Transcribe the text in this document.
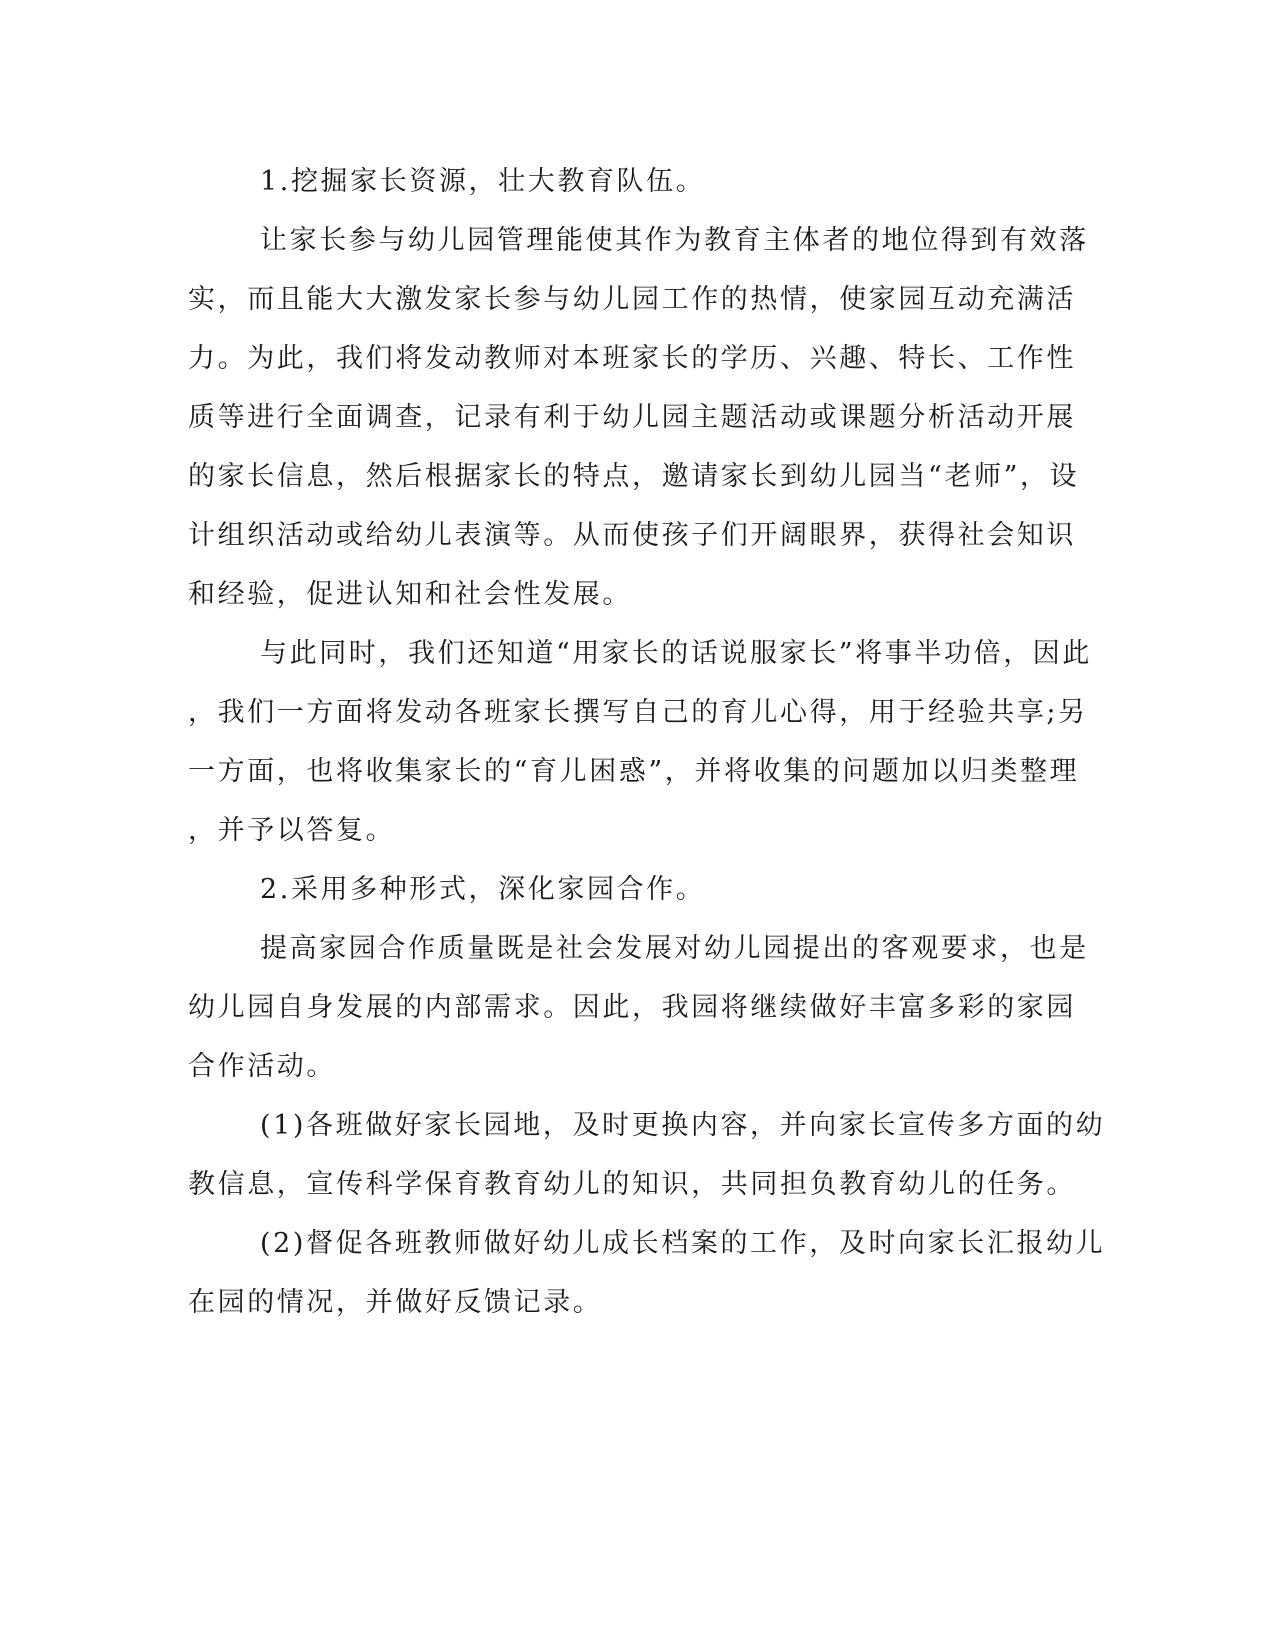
1.挖掘家长资源，壮大教育队伍。
让家长参与幼儿园管理能使其作为教育主体者的地位得到有效落
实，而且能大大激发家长参与幼儿园工作的热情，使家园互动充满活
力。为此，我们将发动教师对本班家长的学历、兴趣、特长、工作性
质等进行全面调查，记录有利于幼儿园主题活动或课题分析活动开展
的家长信息，然后根据家长的特点，邀请家长到幼儿园当“老师”，设
计组织活动或给幼儿表演等。从而使孩子们开阔眼界，获得社会知识
和经验，促进认知和社会性发展。
与此同时，我们还知道“用家长的话说服家长”将事半功倍，因此
，我们一方面将发动各班家长撰写自己的育儿心得，用于经验共享;另
一方面，也将收集家长的“育儿困惑”，并将收集的问题加以归类整理
，并予以答复。
2.采用多种形式，深化家园合作。
提高家园合作质量既是社会发展对幼儿园提出的客观要求，也是
幼儿园自身发展的内部需求。因此，我园将继续做好丰富多彩的家园
合作活动。
(1)各班做好家长园地，及时更换内容，并向家长宣传多方面的幼
教信息，宣传科学保育教育幼儿的知识，共同担负教育幼儿的任务。
(2)督促各班教师做好幼儿成长档案的工作，及时向家长汇报幼儿
在园的情况，并做好反馈记录。
